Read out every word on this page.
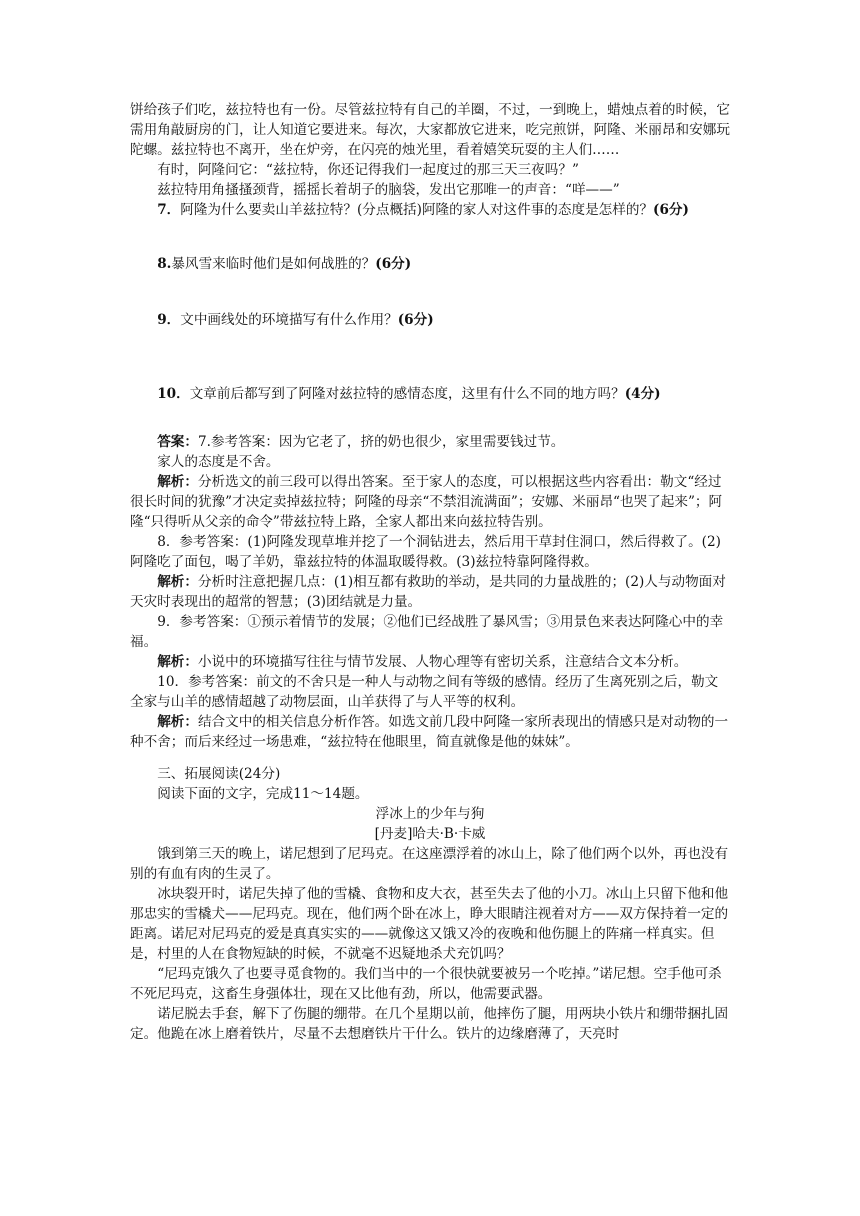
饼给孩子们吃，兹拉特也有一份。尽管兹拉特有自己的羊圈，不过，一到晚上，蜡烛点着的时候，它需用角敲厨房的门，让人知道它要进来。每次，大家都放它进来，吃完煎饼，阿隆、米丽昂和安娜玩陀螺。兹拉特也不离开，坐在炉旁，在闪亮的烛光里，看着嬉笑玩耍的主人们……

有时，阿隆问它：“兹拉特，你还记得我们一起度过的那三天三夜吗？”

兹拉特用角搔搔颈背，摇摇长着胡子的脑袋，发出它那唯一的声音：“咩——”

7．阿隆为什么要卖山羊兹拉特？(分点概括)阿隆的家人对这件事的态度是怎样的？(6分)

8.暴风雪来临时他们是如何战胜的？(6分)

9．文中画线处的环境描写有什么作用？(6分)

10．文章前后都写到了阿隆对兹拉特的感情态度，这里有什么不同的地方吗？(4分)

答案：7.参考答案：因为它老了，挤的奶也很少，家里需要钱过节。

家人的态度是不舍。

解析：分析选文的前三段可以得出答案。至于家人的态度，可以根据这些内容看出：勒文“经过很长时间的犹豫”才决定卖掉兹拉特；阿隆的母亲“不禁泪流满面”；安娜、米丽昂“也哭了起来”；阿隆“只得听从父亲的命令”带兹拉特上路，全家人都出来向兹拉特告别。

8．参考答案：(1)阿隆发现草堆并挖了一个洞钻进去，然后用干草封住洞口，然后得救了。(2)阿隆吃了面包，喝了羊奶，靠兹拉特的体温取暖得救。(3)兹拉特靠阿隆得救。

解析：分析时注意把握几点：(1)相互都有救助的举动，是共同的力量战胜的；(2)人与动物面对天灾时表现出的超常的智慧；(3)团结就是力量。

9．参考答案：①预示着情节的发展；②他们已经战胜了暴风雪；③用景色来表达阿隆心中的幸福。

解析：小说中的环境描写往往与情节发展、人物心理等有密切关系，注意结合文本分析。

10．参考答案：前文的不舍只是一种人与动物之间有等级的感情。经历了生离死别之后，勒文全家与山羊的感情超越了动物层面，山羊获得了与人平等的权利。

解析：结合文中的相关信息分析作答。如选文前几段中阿隆一家所表现出的情感只是对动物的一种不舍；而后来经过一场患难，“兹拉特在他眼里，简直就像是他的妹妹”。

三、拓展阅读(24分)

阅读下面的文字，完成11～14题。

浮冰上的少年与狗

[丹麦]哈夫·B·卡威

饿到第三天的晚上，诺尼想到了尼玛克。在这座漂浮着的冰山上，除了他们两个以外，再也没有别的有血有肉的生灵了。

冰块裂开时，诺尼失掉了他的雪橇、食物和皮大衣，甚至失去了他的小刀。冰山上只留下他和他那忠实的雪橇犬——尼玛克。现在，他们两个卧在冰上，睁大眼睛注视着对方——双方保持着一定的距离。诺尼对尼玛克的爱是真真实实的——就像这又饿又冷的夜晚和他伤腿上的阵痛一样真实。但是，村里的人在食物短缺的时候，不就毫不迟疑地杀犬充饥吗？

“尼玛克饿久了也要寻觅食物的。我们当中的一个很快就要被另一个吃掉。”诺尼想。空手他可杀不死尼玛克，这畜生身强体壮，现在又比他有劲，所以，他需要武器。

诺尼脱去手套，解下了伤腿的绷带。在几个星期以前，他摔伤了腿，用两块小铁片和绷带捆扎固定。他跪在冰上磨着铁片，尽量不去想磨铁片干什么。铁片的边缘磨薄了，天亮时
